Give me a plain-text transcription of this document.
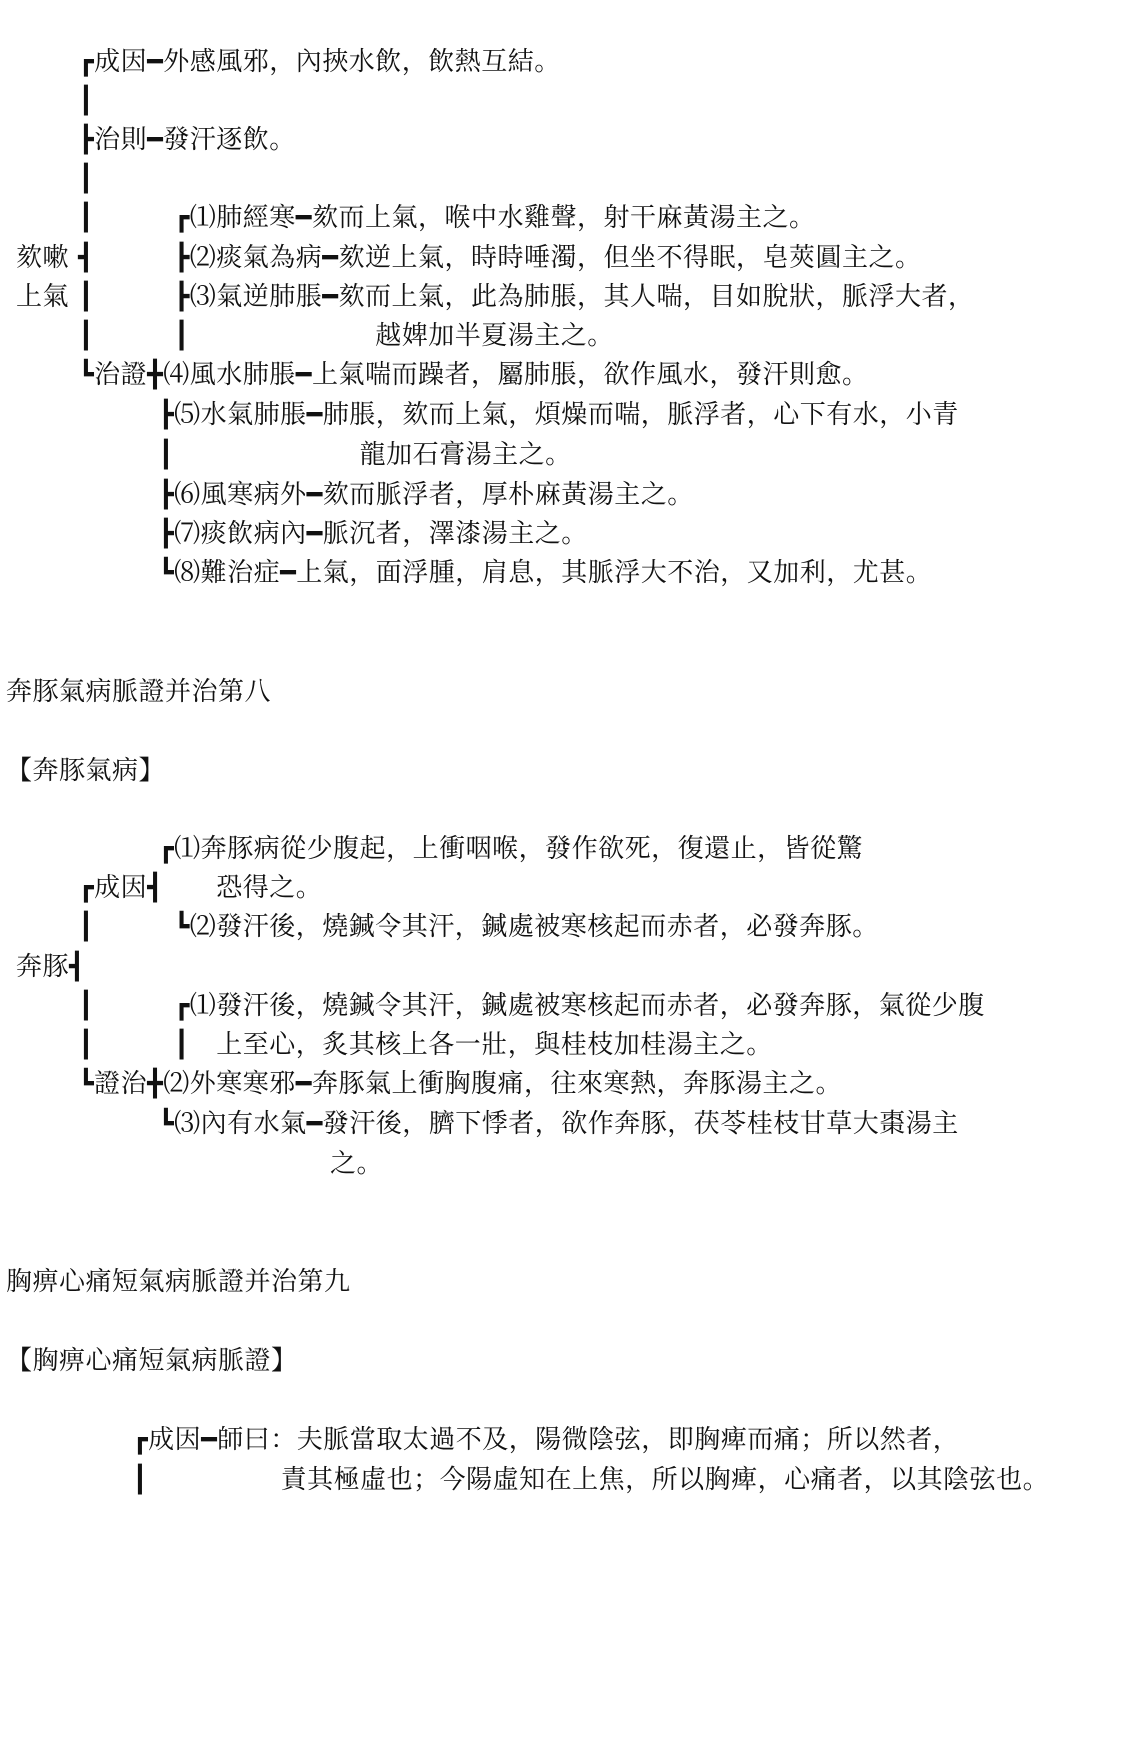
┏成因━外感風邪，內挾水飲，飲熱互結。
┃
┣治則━發汗逐飲。
┃
┃　　　┏⑴肺經寒━欬而上氣，喉中水雞聲，射干麻黃湯主之。
欬嗽 ┫　　　┣⑵痰氣為病━欬逆上氣，時時唾濁，但坐不得眠，皂莢圓主之。
上氣 ┃　　　┣⑶氣逆肺脹━欬而上氣，此為肺脹，其人喘，目如脫狀，脈浮大者，
┃　　　┃　　　　　　　越婢加半夏湯主之。
┗治證╋⑷風水肺脹━上氣喘而躁者，屬肺脹，欲作風水，發汗則愈。
┣⑸水氣肺脹━肺脹，欬而上氣，煩燥而喘，脈浮者，心下有水，小青
┃　　　　　　　龍加石膏湯主之。
┣⑹風寒病外━欬而脈浮者，厚朴麻黃湯主之。
┣⑺痰飲病內━脈沉者，澤漆湯主之。
┗⑻難治症━上氣，面浮腫，肩息，其脈浮大不治，又加利，尤甚。
奔豚氣病脈證并治第八
【奔豚氣病】
┏⑴奔豚病從少腹起，上衝咽喉，發作欲死，復還止，皆從驚
┏成因┫　　恐得之。
┃　　　┗⑵發汗後，燒鍼令其汗，鍼處被寒核起而赤者，必發奔豚。
奔豚┫
┃　　　┏⑴發汗後，燒鍼令其汗，鍼處被寒核起而赤者，必發奔豚，氣從少腹
┃　　　┃　上至心，炙其核上各一壯，與桂枝加桂湯主之。
┗證治╋⑵外寒寒邪━奔豚氣上衝胸腹痛，往來寒熱，奔豚湯主之。
┗⑶內有水氣━發汗後，臍下悸者，欲作奔豚，茯苓桂枝甘草大棗湯主
之。
胸痹心痛短氣病脈證并治第九
【胸痹心痛短氣病脈證】
┏成因━師曰：夫脈當取太過不及，陽微陰弦，即胸痺而痛；所以然者，
┃　　　　　責其極虛也；今陽虛知在上焦，所以胸痺，心痛者，以其陰弦也。
